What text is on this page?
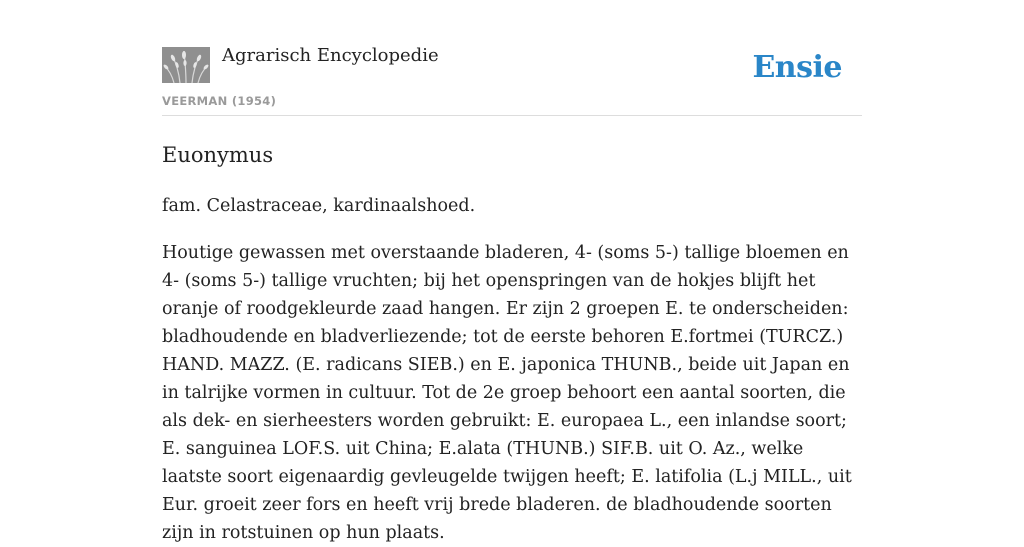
Agrarisch Encyclopedie
VEERMAN (1954)
Ensie
Euonymus

fam. Celastraceae, kardinaalshoed.

Houtige gewassen met overstaande bladeren, 4- (soms 5-) tallige bloemen en 4- (soms 5-) tallige vruchten; bij het openspringen van de hokjes blijft het oranje of roodgekleurde zaad hangen. Er zijn 2 groepen E. te onderscheiden: bladhoudende en bladverliezende; tot de eerste behoren E.fortmei (TURCZ.) HAND. MAZZ. (E. radicans SIEB.) en E. japonica THUNB., beide uit Japan en in talrijke vormen in cultuur. Tot de 2e groep behoort een aantal soorten, die als dek- en sierheesters worden gebruikt: E. europaea L., een inlandse soort; E. sanguinea LOF.S. uit China; E.alata (THUNB.) SIF.B. uit O. Az., welke laatste soort eigenaardig gevleugelde twijgen heeft; E. latifolia (L.j MILL., uit Eur. groeit zeer fors en heeft vrij brede bladeren. de bladhoudende soorten zijn in rotstuinen op hun plaats.
